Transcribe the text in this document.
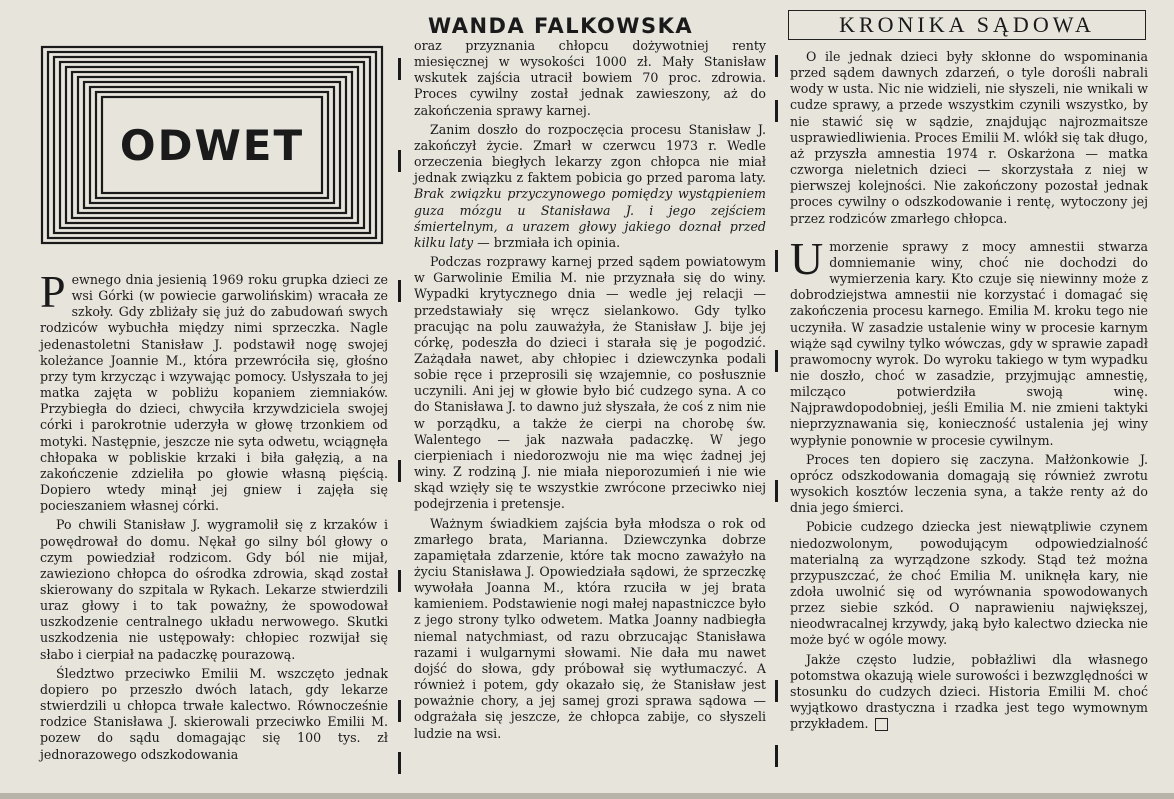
WANDA FALKOWSKA	KRONIKA SĄDOWA
ODWET

Pewnego dnia jesienią 1969 roku grupka dzieci ze wsi Górki (w powiecie garwolińskim) wracała ze szkoły. Gdy zbliżały się już do zabudowań swych rodziców wybuchła między nimi sprzeczka. Nagle jedenastoletni Stanisław J. podstawił nogę swojej koleżance Joannie M., która przewróciła się, głośno przy tym krzycząc i wzywając pomocy. Usłyszała to jej matka zajęta w pobliżu kopaniem ziemniaków. Przybiegła do dzieci, chwyciła krzywdziciela swojej córki i parokrotnie uderzyła w głowę trzonkiem od motyki. Następnie, jeszcze nie syta odwetu, wciągnęła chłopaka w pobliskie krzaki i biła gałęzią, a na zakończenie zdzieliła po głowie własną pięścią. Dopiero wtedy minął jej gniew i zajęła się pocieszaniem własnej córki.

Po chwili Stanisław J. wygramolił się z krzaków i powędrował do domu. Nękał go silny ból głowy o czym powiedział rodzicom. Gdy ból nie mijał, zawieziono chłopca do ośrodka zdrowia, skąd został skierowany do szpitala w Rykach. Lekarze stwierdzili uraz głowy i to tak poważny, że spowodował uszkodzenie centralnego układu nerwowego. Skutki uszkodzenia nie ustępowały: chłopiec rozwijał się słabo i cierpiał na padaczkę pourazową.

Śledztwo przeciwko Emilii M. wszczęto jednak dopiero po przeszło dwóch latach, gdy lekarze stwierdzili u chłopca trwałe kalectwo. Równocześnie rodzice Stanisława J. skierowali przeciwko Emilii M. pozew do sądu domagając się 100 tys. zł jednorazowego odszkodowania

oraz przyznania chłopcu dożywotniej renty miesięcznej w wysokości 1000 zł. Mały Stanisław wskutek zajścia utracił bowiem 70 proc. zdrowia. Proces cywilny został jednak zawieszony, aż do zakończenia sprawy karnej.

Zanim doszło do rozpoczęcia procesu Stanisław J. zakończył życie. Zmarł w czerwcu 1973 r. Wedle orzeczenia biegłych lekarzy zgon chłopca nie miał jednak związku z faktem pobicia go przed paroma laty. Brak związku przyczynowego pomiędzy wystąpieniem guza mózgu u Stanisława J. i jego zejściem śmiertelnym, a urazem głowy jakiego doznał przed kilku laty — brzmiała ich opinia.

Podczas rozprawy karnej przed sądem powiatowym w Garwolinie Emilia M. nie przyznała się do winy. Wypadki krytycznego dnia — wedle jej relacji — przedstawiały się wręcz sielankowo. Gdy tylko pracując na polu zauważyła, że Stanisław J. bije jej córkę, podeszła do dzieci i starała się je pogodzić. Zażądała nawet, aby chłopiec i dziewczynka podali sobie ręce i przeprosili się wzajemnie, co posłusznie uczynili. Ani jej w głowie było bić cudzego syna. A co do Stanisława J. to dawno już słyszała, że coś z nim nie w porządku, a także że cierpi na chorobę św. Walentego — jak nazwała padaczkę. W jego cierpieniach i niedorozwoju nie ma więc żadnej jej winy. Z rodziną J. nie miała nieporozumień i nie wie skąd wzięły się te wszystkie zwrócone przeciwko niej podejrzenia i pretensje.

Ważnym świadkiem zajścia była młodsza o rok od zmarłego brata, Marianna. Dziewczynka dobrze zapamiętała zdarzenie, które tak mocno zaważyło na życiu Stanisława J. Opowiedziała sądowi, że sprzeczkę wywołała Joanna M., która rzuciła w jej brata kamieniem. Podstawienie nogi małej napastniczce było z jego strony tylko odwetem. Matka Joanny nadbiegła niemal natychmiast, od razu obrzucając Stanisława razami i wulgarnymi słowami. Nie dała mu nawet dojść do słowa, gdy próbował się wytłumaczyć. A również i potem, gdy okazało się, że Stanisław jest poważnie chory, a jej samej grozi sprawa sądowa — odgrażała się jeszcze, że chłopca zabije, co słyszeli ludzie na wsi.

O ile jednak dzieci były skłonne do wspominania przed sądem dawnych zdarzeń, o tyle dorośli nabrali wody w usta. Nic nie widzieli, nie słyszeli, nie wnikali w cudze sprawy, a przede wszystkim czynili wszystko, by nie stawić się w sądzie, znajdując najrozmaitsze usprawiedliwienia. Proces Emilii M. wlókł się tak długo, aż przyszła amnestia 1974 r. Oskarżona — matka czworga nieletnich dzieci — skorzystała z niej w pierwszej kolejności. Nie zakończony pozostał jednak proces cywilny o odszkodowanie i rentę, wytoczony jej przez rodziców zmarłego chłopca.

Umorzenie sprawy z mocy amnestii stwarza domniemanie winy, choć nie dochodzi do wymierzenia kary. Kto czuje się niewinny może z dobrodziejstwa amnestii nie korzystać i domagać się zakończenia procesu karnego. Emilia M. kroku tego nie uczyniła. W zasadzie ustalenie winy w procesie karnym wiąże sąd cywilny tylko wówczas, gdy w sprawie zapadł prawomocny wyrok. Do wyroku takiego w tym wypadku nie doszło, choć w zasadzie, przyjmując amnestię, milcząco potwierdziła swoją winę. Najprawdopodobniej, jeśli Emilia M. nie zmieni taktyki nieprzyznawania się, konieczność ustalenia jej winy wypłynie ponownie w procesie cywilnym.

Proces ten dopiero się zaczyna. Małżonkowie J. oprócz odszkodowania domagają się również zwrotu wysokich kosztów leczenia syna, a także renty aż do dnia jego śmierci.

Pobicie cudzego dziecka jest niewątpliwie czynem niedozwolonym, powodującym odpowiedzialność materialną za wyrządzone szkody. Stąd też można przypuszczać, że choć Emilia M. uniknęła kary, nie zdoła uwolnić się od wyrównania spowodowanych przez siebie szkód. O naprawieniu największej, nieodwracalnej krzywdy, jaką było kalectwo dziecka nie może być w ogóle mowy.

Jakże często ludzie, pobłażliwi dla własnego potomstwa okazują wiele surowości i bezwzględności w stosunku do cudzych dzieci. Historia Emilii M. choć wyjątkowo drastyczna i rzadka jest tego wymownym przykładem.
